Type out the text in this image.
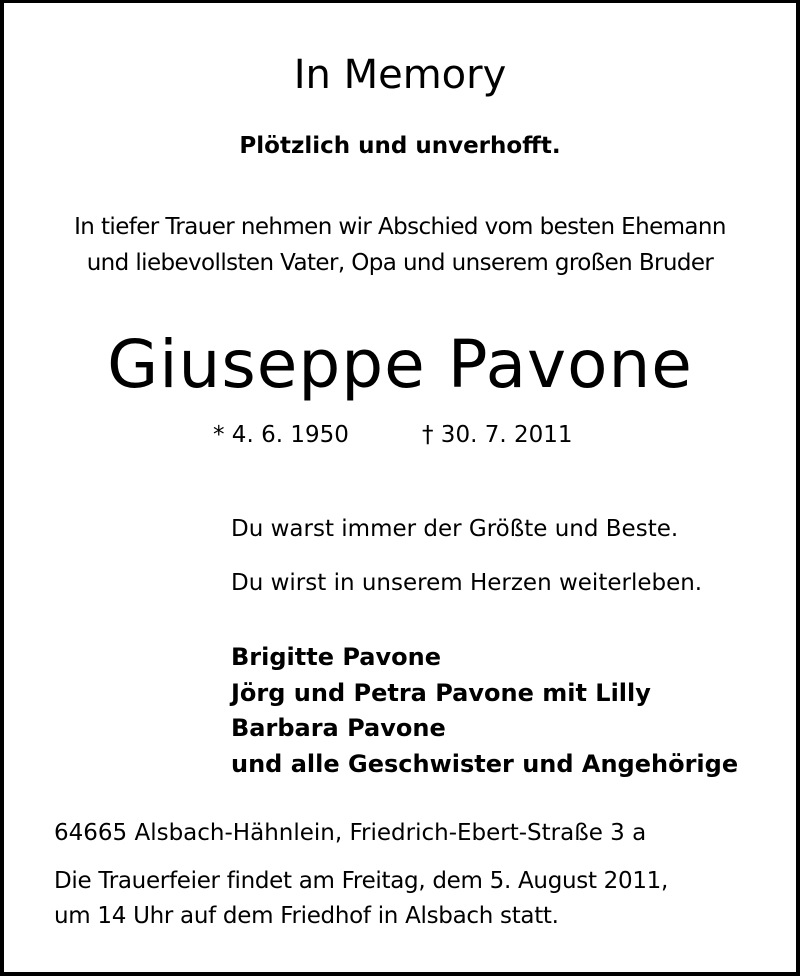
In Memory
Plötzlich und unverhofft.
In tiefer Trauer nehmen wir Abschied vom besten Ehemann
und liebevollsten Vater, Opa und unserem großen Bruder
Giuseppe Pavone
* 4. 6. 1950	† 30. 7. 2011
Du warst immer der Größte und Beste.
Du wirst in unserem Herzen weiterleben.
Brigitte Pavone
Jörg und Petra Pavone mit Lilly
Barbara Pavone
und alle Geschwister und Angehörige
64665 Alsbach-Hähnlein, Friedrich-Ebert-Straße 3 a
Die Trauerfeier findet am Freitag, dem 5. August 2011,
um 14 Uhr auf dem Friedhof in Alsbach statt.
